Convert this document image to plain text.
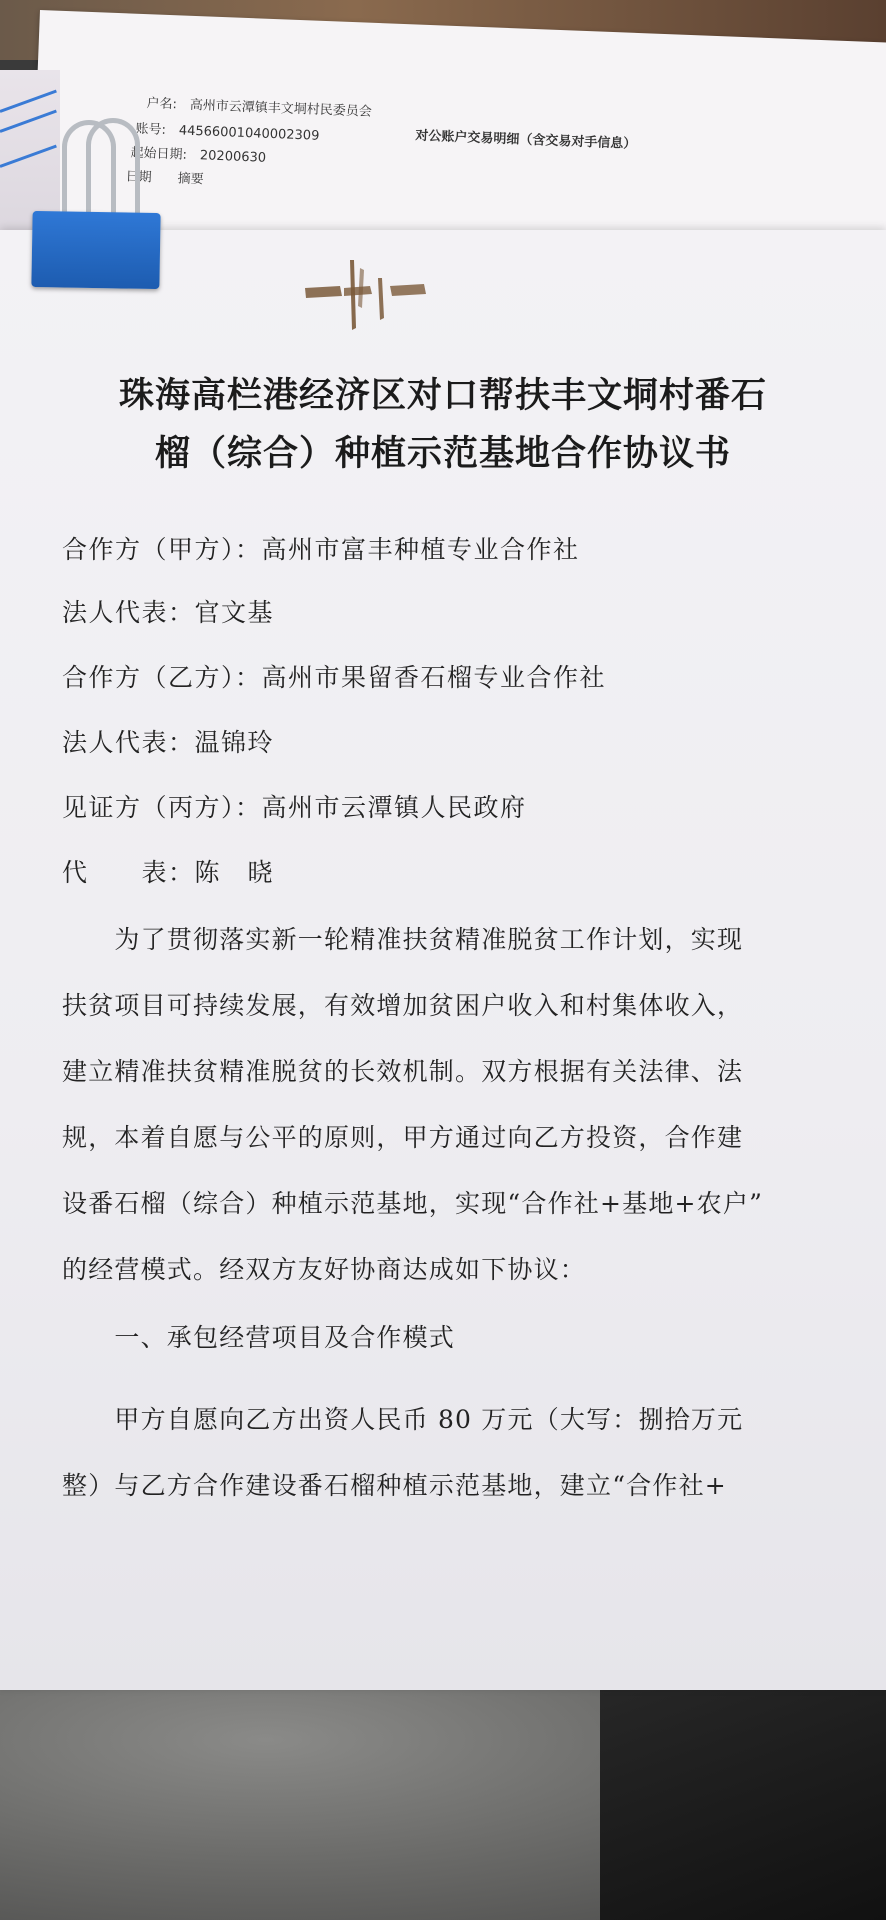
户名:　高州市云潭镇丰文垌村民委员会
对公账户交易明细（含交易对手信息）
账号:　44566001040002309
起始日期:　20200630
日期　　摘要
珠海高栏港经济区对口帮扶丰文垌村番石
榴（综合）种植示范基地合作协议书
合作方（甲方）：高州市富丰种植专业合作社
法人代表：官文基
合作方（乙方）：高州市果留香石榴专业合作社
法人代表：温锦玲
见证方（丙方）：高州市云潭镇人民政府
代　　表：陈　晓
　　为了贯彻落实新一轮精准扶贫精准脱贫工作计划，实现
扶贫项目可持续发展，有效增加贫困户收入和村集体收入，
建立精准扶贫精准脱贫的长效机制。双方根据有关法律、法
规，本着自愿与公平的原则，甲方通过向乙方投资，合作建
设番石榴（综合）种植示范基地，实现“合作社+基地+农户”
的经营模式。经双方友好协商达成如下协议：
　　一、承包经营项目及合作模式
　　甲方自愿向乙方出资人民币 80 万元（大写：捌拾万元
整）与乙方合作建设番石榴种植示范基地，建立“合作社+
